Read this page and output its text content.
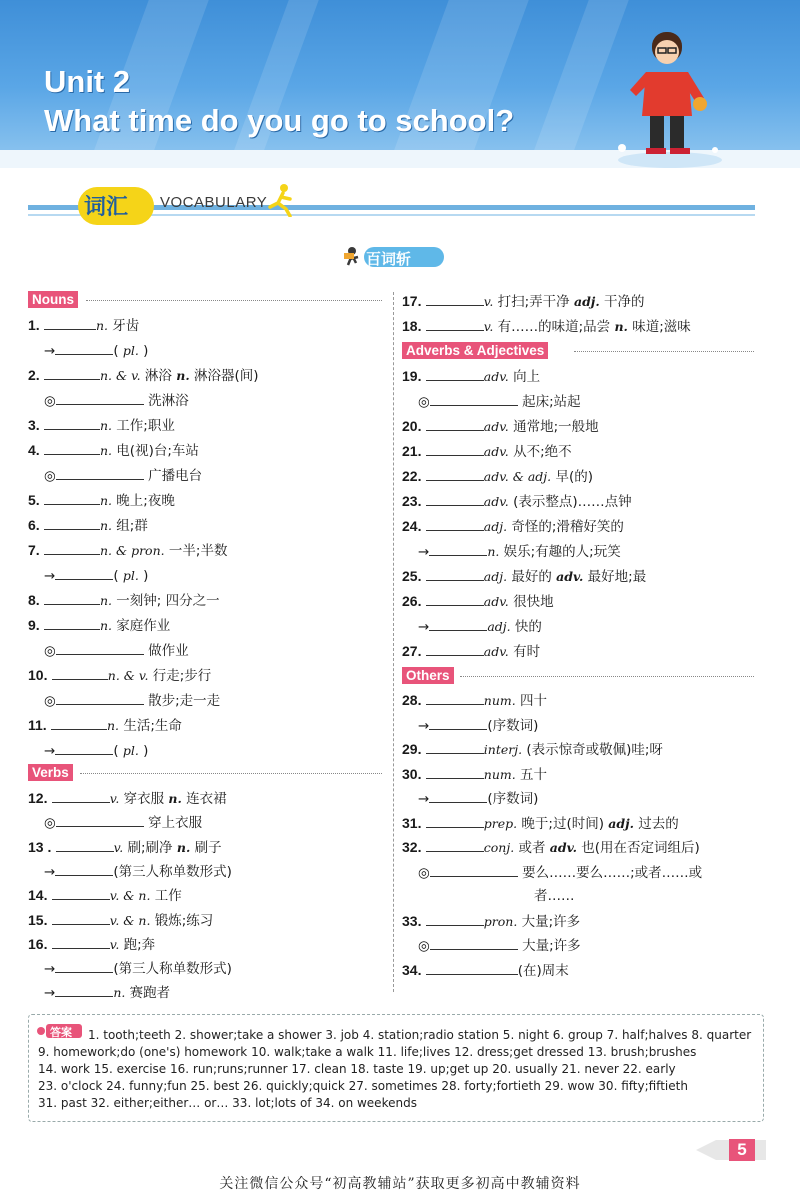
Unit 2
What time do you go to school?
词汇 VOCABULARY
百词斩
Nouns
Verbs
Adverbs & Adjectives
Others
1.	n. 牙齿
→	( pl. )
2.	n. & v. 淋浴 n. 淋浴器(间)
◎	洗淋浴
3.	n. 工作;职业
4.	n. 电(视)台;车站
◎	广播电台
5.	n. 晚上;夜晚
6.	n. 组;群
7.	n. & pron. 一半;半数
→	( pl. )
8.	n. 一刻钟; 四分之一
9.	n. 家庭作业
◎	做作业
10.	n. & v. 行走;步行
◎	散步;走一走
11.	n. 生活;生命
→	( pl. )
12.	v. 穿衣服 n. 连衣裙
◎	穿上衣服
13 .	v. 刷;刷净 n. 刷子
→	(第三人称单数形式)
14.	v. & n. 工作
15.	v. & n. 锻炼;练习
16.	v. 跑;奔
→	(第三人称单数形式)
→	n. 赛跑者
17.	v. 打扫;弄干净 adj. 干净的
18.	v. 有……的味道;品尝 n. 味道;滋味
19.	adv. 向上
◎	起床;站起
20.	adv. 通常地;一般地
21.	adv. 从不;绝不
22.	adv. & adj. 早(的)
23.	adv. (表示整点)……点钟
24.	adj. 奇怪的;滑稽好笑的
→	n. 娱乐;有趣的人;玩笑
25.	adj. 最好的 adv. 最好地;最
26.	adv. 很快地
→	adj. 快的
27.	adv. 有时
28.	num. 四十
→	(序数词)
29.	interj. (表示惊奇或敬佩)哇;呀
30.	num. 五十
→	(序数词)
31.	prep. 晚于;过(时间) adj. 过去的
32.	conj. 或者 adv. 也(用在否定词组后)
◎	要么……要么……;或者……或
者……
33.	pron. 大量;许多
◎	大量;许多
34.	(在)周末
答案 1. tooth;teeth 2. shower;take a shower 3. job 4. station;radio station 5. night 6. group 7. half;halves 8. quarter
9. homework;do (one's) homework 10. walk;take a walk 11. life;lives 12. dress;get dressed 13. brush;brushes
14. work 15. exercise 16. run;runs;runner 17. clean 18. taste 19. up;get up 20. usually 21. never 22. early
23. o'clock 24. funny;fun 25. best 26. quickly;quick 27. sometimes 28. forty;fortieth 29. wow 30. fifty;fiftieth
31. past 32. either;either… or… 33. lot;lots of 34. on weekends
5
关注微信公众号“初高教辅站”获取更多初高中教辅资料
